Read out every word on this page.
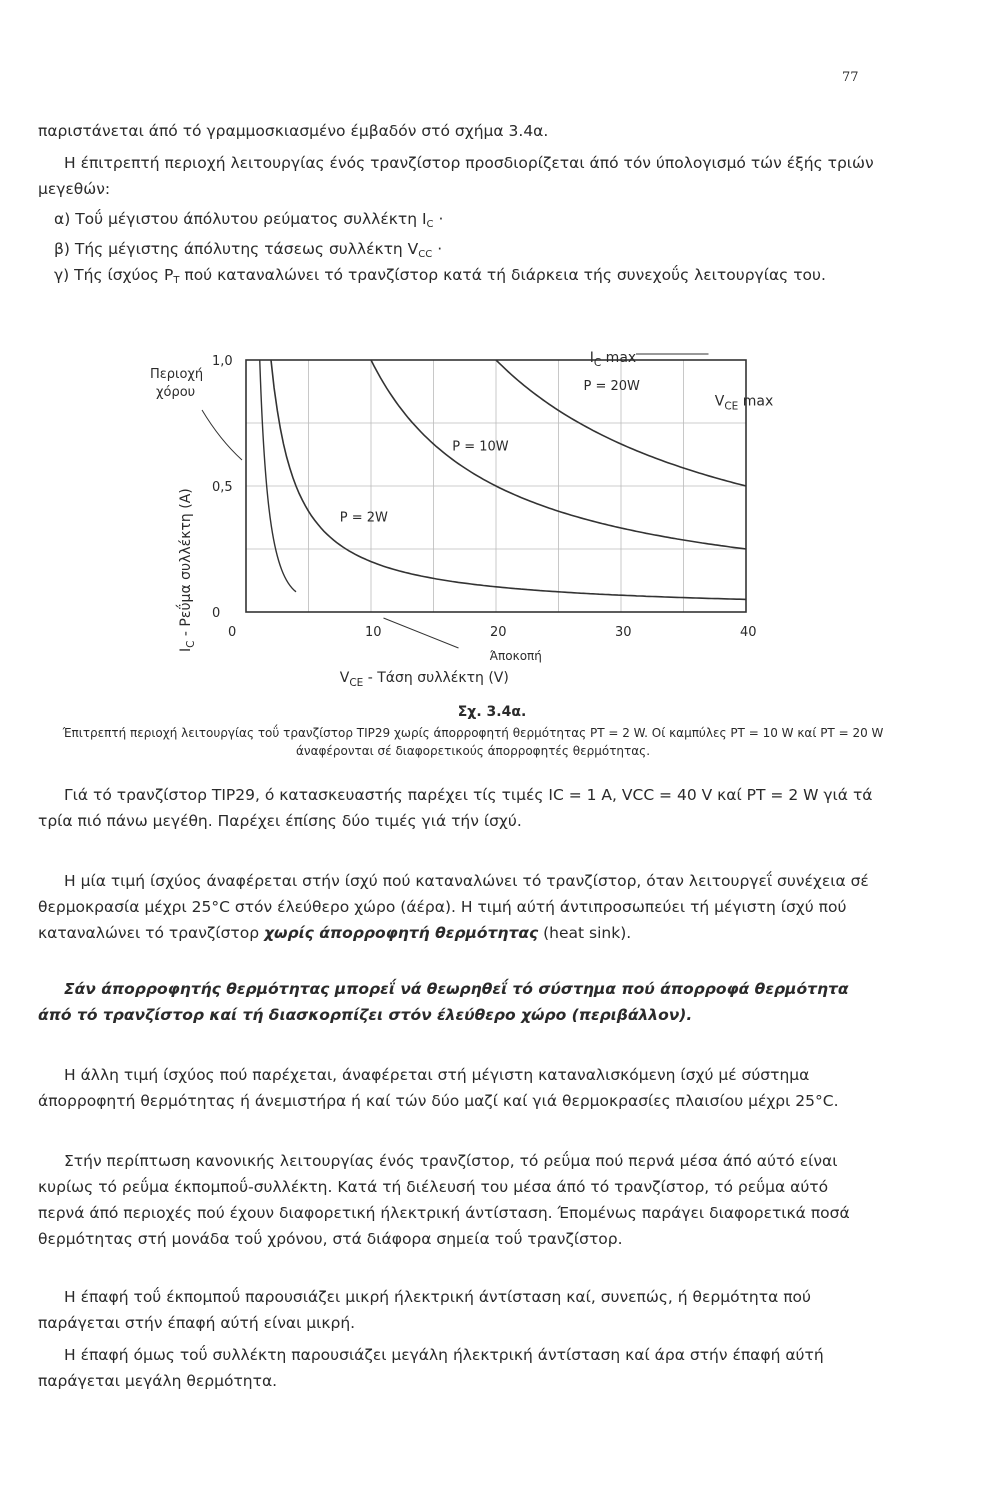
77

παριστάνεται άπό τό γραμμοσκιασμένο έμβαδόν στό σχήμα 3.4α.

Η έπιτρεπτή περιοχή λειτουργίας ένός τρανζίστορ προσδιορίζεται άπό τόν ύπολογισμό τών έξής τριών μεγεθών:

α) Τοΰ μέγιστου άπόλυτου ρεύματος συλλέκτη $I_C$ ·

β) Τής μέγιστης άπόλυτης τάσεως συλλέκτη $V_{CC}$ ·

γ) Τής ίσχύος $P_T$ πού καταναλώνει τό τρανζίστορ κατά τή διάρκεια τής συνεχοΰς λειτουργίας του.

0	10	20	30	40
0
0,5
1,0	$I_C$ max
$V_{CE}$ max
P = 20W
P = 10W
P = 2W
Περιοχή
χόρου
$I_C$ - Ρεΰμα συλλέκτη (A)
$V_{CE}$ - Τάση συλλέκτη (V)
Άποκοπή

Σχ. 3.4α.

Έπιτρεπτή περιοχή λειτουργίας τοΰ τρανζίστορ TIP29 χωρίς άπορροφητή θερμότητας PT = 2 W. Οί καμπύλες PT = 10 W καί PT = 20 W άναφέρονται σέ διαφορετικούς άπορροφητές θερμότητας.

Γιά τό τρανζίστορ TIP29, ό κατασκευαστής παρέχει τίς τιμές IC = 1 A, VCC = 40 V καί PT = 2 W γιά τά τρία πιό πάνω μεγέθη. Παρέχει έπίσης δύο τιμές γιά τήν ίσχύ.

Η μία τιμή ίσχύος άναφέρεται στήν ίσχύ πού καταναλώνει τό τρανζίστορ, όταν λειτουργεΐ συνέχεια σέ θερμοκρασία μέχρι 25°C στόν έλεύθερο χώρο (άέρα). Η τιμή αύτή άντιπροσωπεύει τή μέγιστη ίσχύ πού καταναλώνει τό τρανζίστορ χωρίς άπορροφητή θερμότητας (heat sink).

Σάν άπορροφητής θερμότητας μπορεΐ νά θεωρηθεΐ τό σύστημα πού άπορροφά θερμότητα άπό τό τρανζίστορ καί τή διασκορπίζει στόν έλεύθερο χώρο (περιβάλλον).

Η άλλη τιμή ίσχύος πού παρέχεται, άναφέρεται στή μέγιστη καταναλισκόμενη ίσχύ μέ σύστημα άπορροφητή θερμότητας ή άνεμιστήρα ή καί τών δύο μαζί καί γιά θερμοκρασίες πλαισίου μέχρι 25°C.

Στήν περίπτωση κανονικής λειτουργίας ένός τρανζίστορ, τό ρεΰμα πού περνά μέσα άπό αύτό είναι κυρίως τό ρεΰμα έκπομποΰ-συλλέκτη. Κατά τή διέλευσή του μέσα άπό τό τρανζίστορ, τό ρεΰμα αύτό περνά άπό περιοχές πού έχουν διαφορετική ήλεκτρική άντίσταση. Έπομένως παράγει διαφορετικά ποσά θερμότητας στή μονάδα τοΰ χρόνου, στά διάφορα σημεία τοΰ τρανζίστορ.

Η έπαφή τοΰ έκπομποΰ παρουσιάζει μικρή ήλεκτρική άντίσταση καί, συνεπώς, ή θερμότητα πού παράγεται στήν έπαφή αύτή είναι μικρή.

Η έπαφή όμως τοΰ συλλέκτη παρουσιάζει μεγάλη ήλεκτρική άντίσταση καί άρα στήν έπαφή αύτή παράγεται μεγάλη θερμότητα.
